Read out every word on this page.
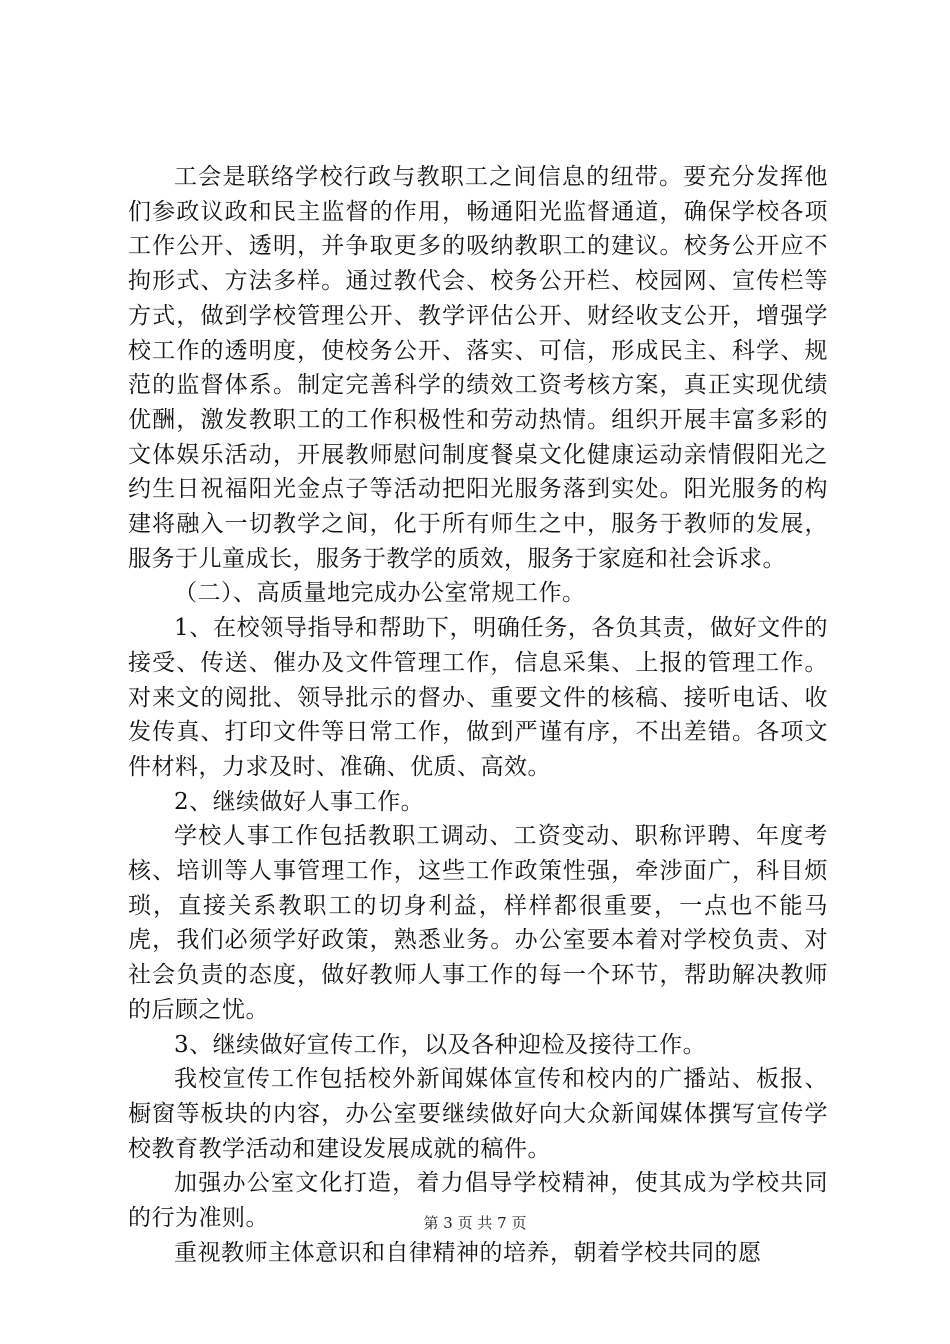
工会是联络学校行政与教职工之间信息的纽带。要充分发挥他们参政议政和民主监督的作用，畅通阳光监督通道，确保学校各项工作公开、透明，并争取更多的吸纳教职工的建议。校务公开应不拘形式、方法多样。通过教代会、校务公开栏、校园网、宣传栏等方式，做到学校管理公开、教学评估公开、财经收支公开，增强学校工作的透明度，使校务公开、落实、可信，形成民主、科学、规范的监督体系。制定完善科学的绩效工资考核方案，真正实现优绩优酬，激发教职工的工作积极性和劳动热情。组织开展丰富多彩的文体娱乐活动，开展教师慰问制度餐桌文化健康运动亲情假阳光之约生日祝福阳光金点子等活动把阳光服务落到实处。阳光服务的构建将融入一切教学之间，化于所有师生之中，服务于教师的发展，服务于儿童成长，服务于教学的质效，服务于家庭和社会诉求。

（二）、高质量地完成办公室常规工作。

1、在校领导指导和帮助下，明确任务，各负其责，做好文件的接受、传送、催办及文件管理工作，信息采集、上报的管理工作。对来文的阅批、领导批示的督办、重要文件的核稿、接听电话、收发传真、打印文件等日常工作，做到严谨有序，不出差错。各项文件材料，力求及时、准确、优质、高效。

2、继续做好人事工作。

学校人事工作包括教职工调动、工资变动、职称评聘、年度考核、培训等人事管理工作，这些工作政策性强，牵涉面广，科目烦琐，直接关系教职工的切身利益，样样都很重要，一点也不能马虎，我们必须学好政策，熟悉业务。办公室要本着对学校负责、对社会负责的态度，做好教师人事工作的每一个环节，帮助解决教师的后顾之忧。

3、继续做好宣传工作，以及各种迎检及接待工作。

我校宣传工作包括校外新闻媒体宣传和校内的广播站、板报、橱窗等板块的内容，办公室要继续做好向大众新闻媒体撰写宣传学校教育教学活动和建设发展成就的稿件。

加强办公室文化打造，着力倡导学校精神，使其成为学校共同的行为准则。

重视教师主体意识和自律精神的培养，朝着学校共同的愿

第 3 页 共 7 页
